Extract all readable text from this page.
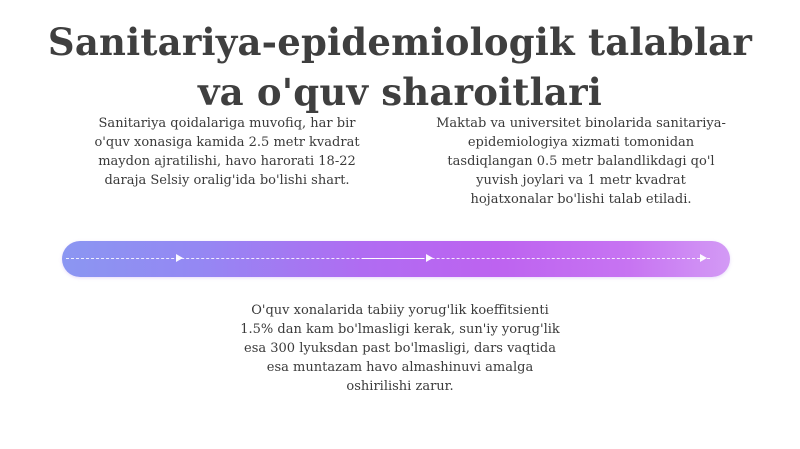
Sanitariya-epidemiologik talablar
va o'quv sharoitlari
Sanitariya qoidalariga muvofiq, har bir
o'quv xonasiga kamida 2.5 metr kvadrat
maydon ajratilishi, havo harorati 18-22
daraja Selsiy oralig'ida bo'lishi shart.
Maktab va universitet binolarida sanitariya-
epidemiologiya xizmati tomonidan
tasdiqlangan 0.5 metr balandlikdagi qo'l
yuvish joylari va 1 metr kvadrat
hojatxonalar bo'lishi talab etiladi.
O'quv xonalarida tabiiy yorug'lik koeffitsienti
1.5% dan kam bo'lmasligi kerak, sun'iy yorug'lik
esa 300 lyuksdan past bo'lmasligi, dars vaqtida
esa muntazam havo almashinuvi amalga
oshirilishi zarur.
